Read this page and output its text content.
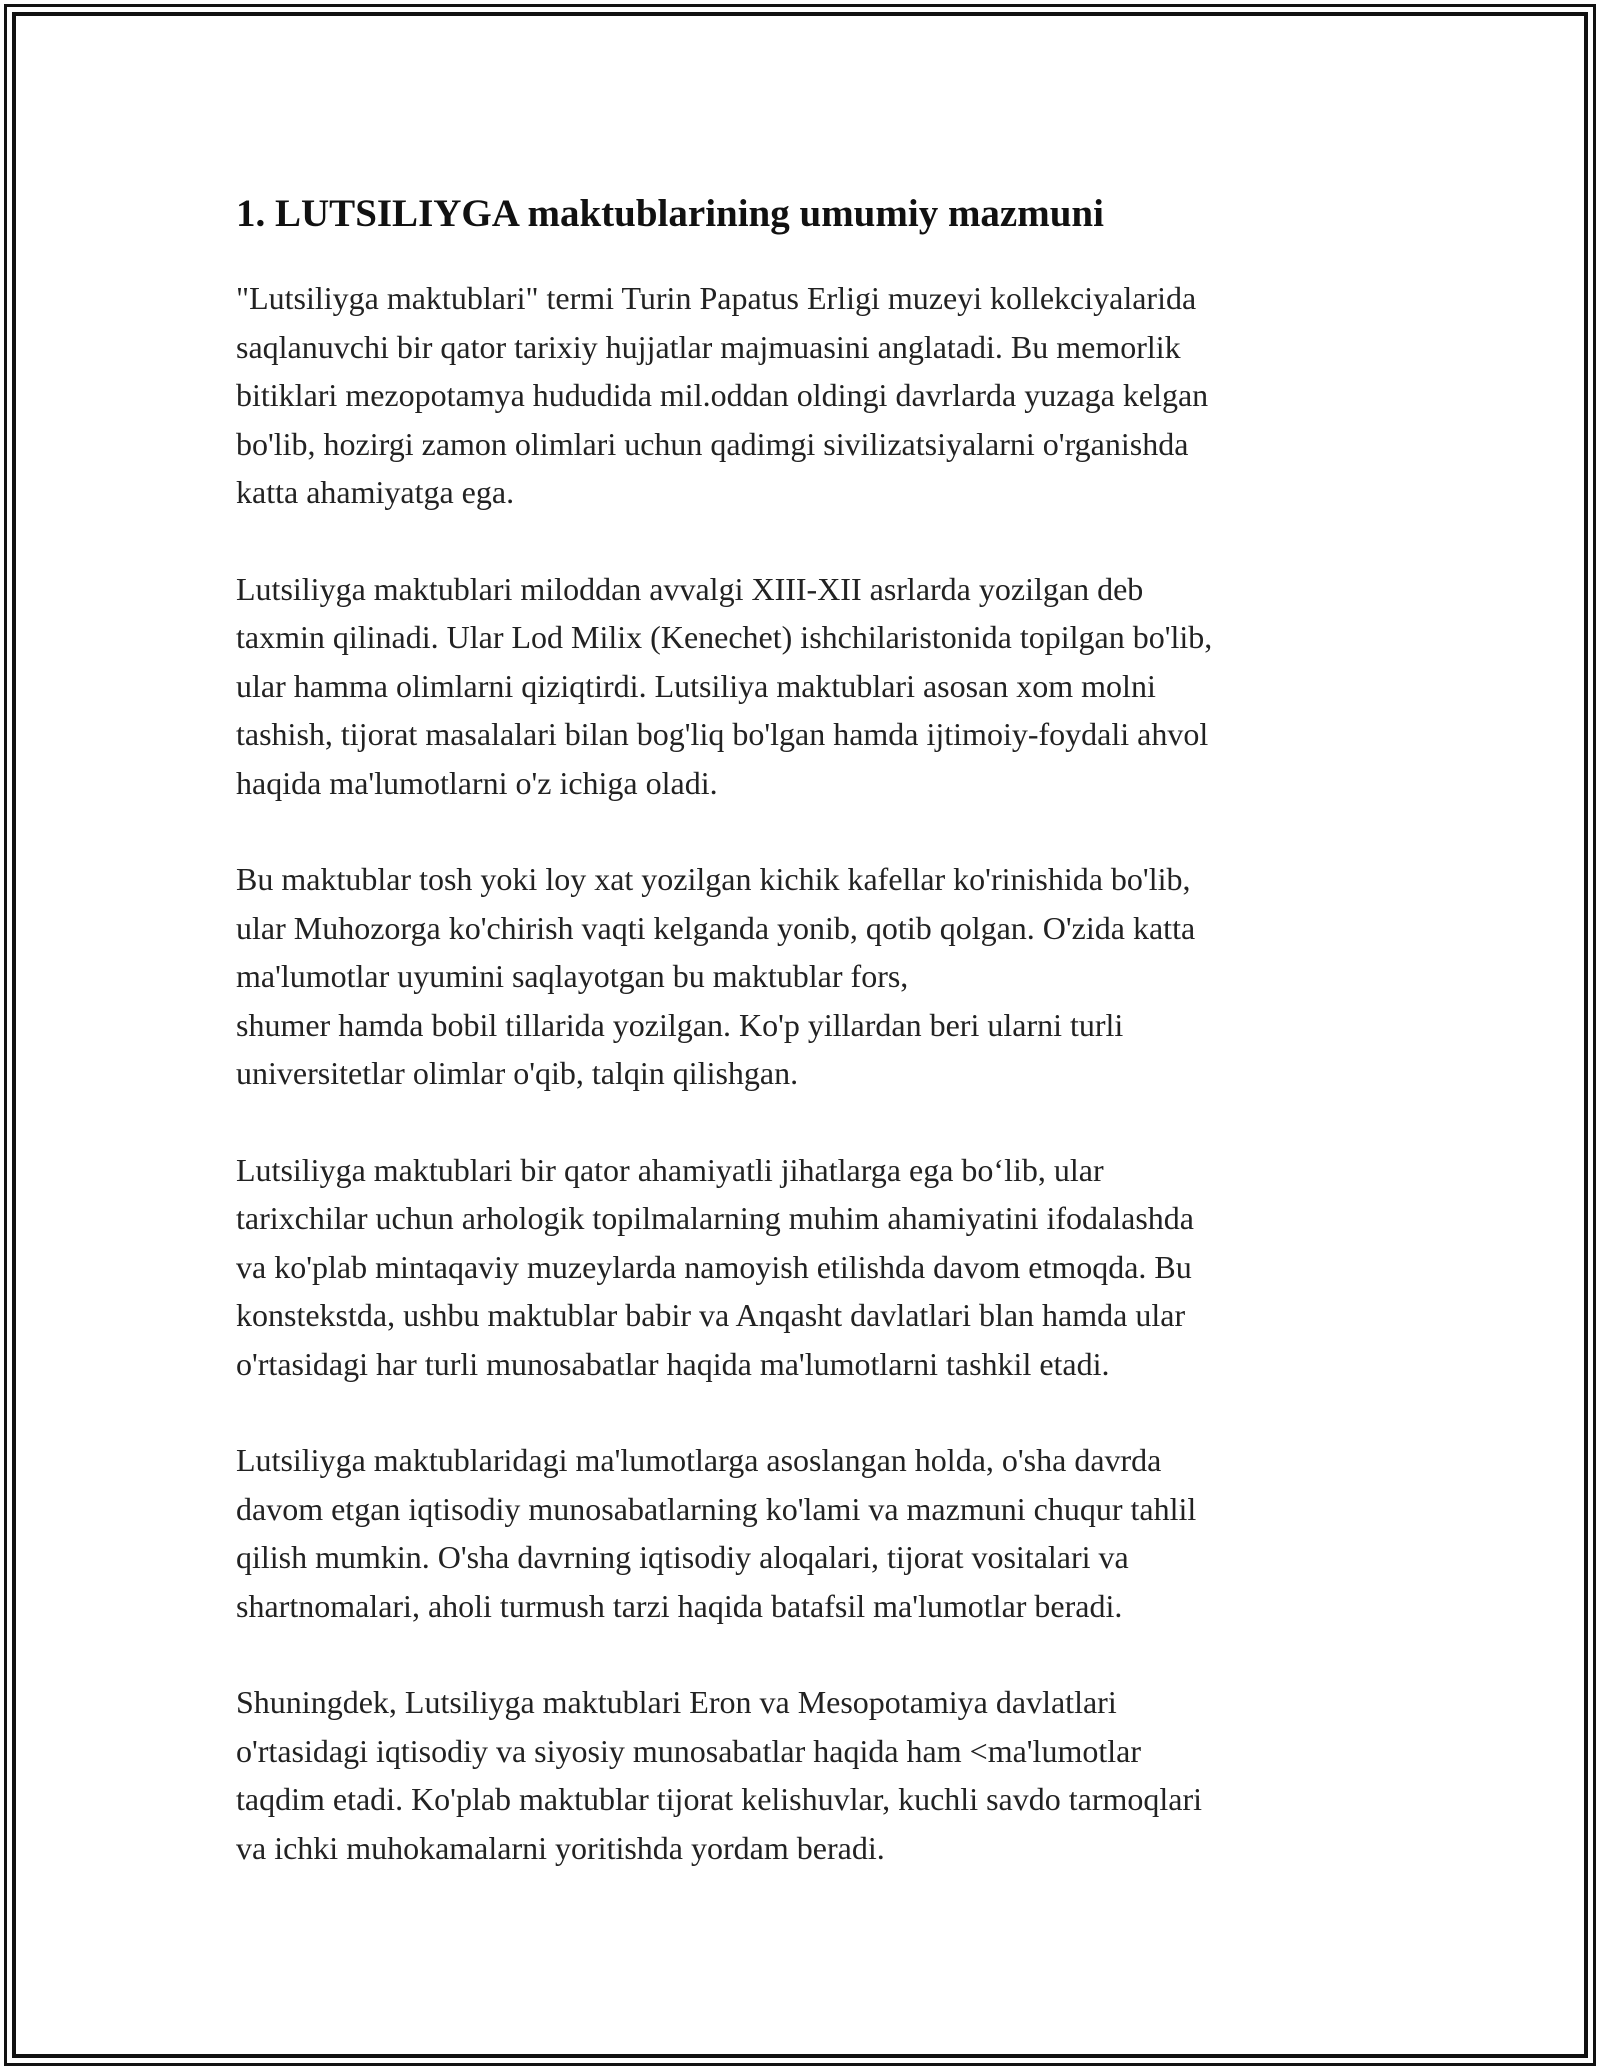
1. LUTSILIYGA maktublarining umumiy mazmuni

"Lutsiliyga maktublari" termi Turin Papatus Erligi muzeyi kollekciyalarida
saqlanuvchi bir qator tarixiy hujjatlar majmuasini anglatadi. Bu memorlik
bitiklari mezopotamya hududida mil.oddan oldingi davrlarda yuzaga kelgan
bo'lib, hozirgi zamon olimlari uchun qadimgi sivilizatsiyalarni o'rganishda
katta ahamiyatga ega.

Lutsiliyga maktublari miloddan avvalgi XIII-XII asrlarda yozilgan deb
taxmin qilinadi. Ular Lod Milix (Kenechet) ishchilaristonida topilgan bo'lib,
ular hamma olimlarni qiziqtirdi. Lutsiliya maktublari asosan xom molni
tashish, tijorat masalalari bilan bog'liq bo'lgan hamda ijtimoiy-foydali ahvol
haqida ma'lumotlarni o'z ichiga oladi.

Bu maktublar tosh yoki loy xat yozilgan kichik kafellar ko'rinishida bo'lib,
ular Muhozorga ko'chirish vaqti kelganda yonib, qotib qolgan. O'zida katta
ma'lumotlar uyumini saqlayotgan bu maktublar fors,
shumer hamda bobil tillarida yozilgan. Ko'p yillardan beri ularni turli
universitetlar olimlar o'qib, talqin qilishgan.

Lutsiliyga maktublari bir qator ahamiyatli jihatlarga ega bo‘lib, ular
tarixchilar uchun arhologik topilmalarning muhim ahamiyatini ifodalashda
va ko'plab mintaqaviy muzeylarda namoyish etilishda davom etmoqda. Bu
konstekstda, ushbu maktublar babir va Anqasht davlatlari blan hamda ular
o'rtasidagi har turli munosabatlar haqida ma'lumotlarni tashkil etadi.

Lutsiliyga maktublaridagi ma'lumotlarga asoslangan holda, o'sha davrda
davom etgan iqtisodiy munosabatlarning ko'lami va mazmuni chuqur tahlil
qilish mumkin. O'sha davrning iqtisodiy aloqalari, tijorat vositalari va
shartnomalari, aholi turmush tarzi haqida batafsil ma'lumotlar beradi.

Shuningdek, Lutsiliyga maktublari Eron va Mesopotamiya davlatlari
o'rtasidagi iqtisodiy va siyosiy munosabatlar haqida ham <ma'lumotlar
taqdim etadi. Ko'plab maktublar tijorat kelishuvlar, kuchli savdo tarmoqlari
va ichki muhokamalarni yoritishda yordam beradi.
